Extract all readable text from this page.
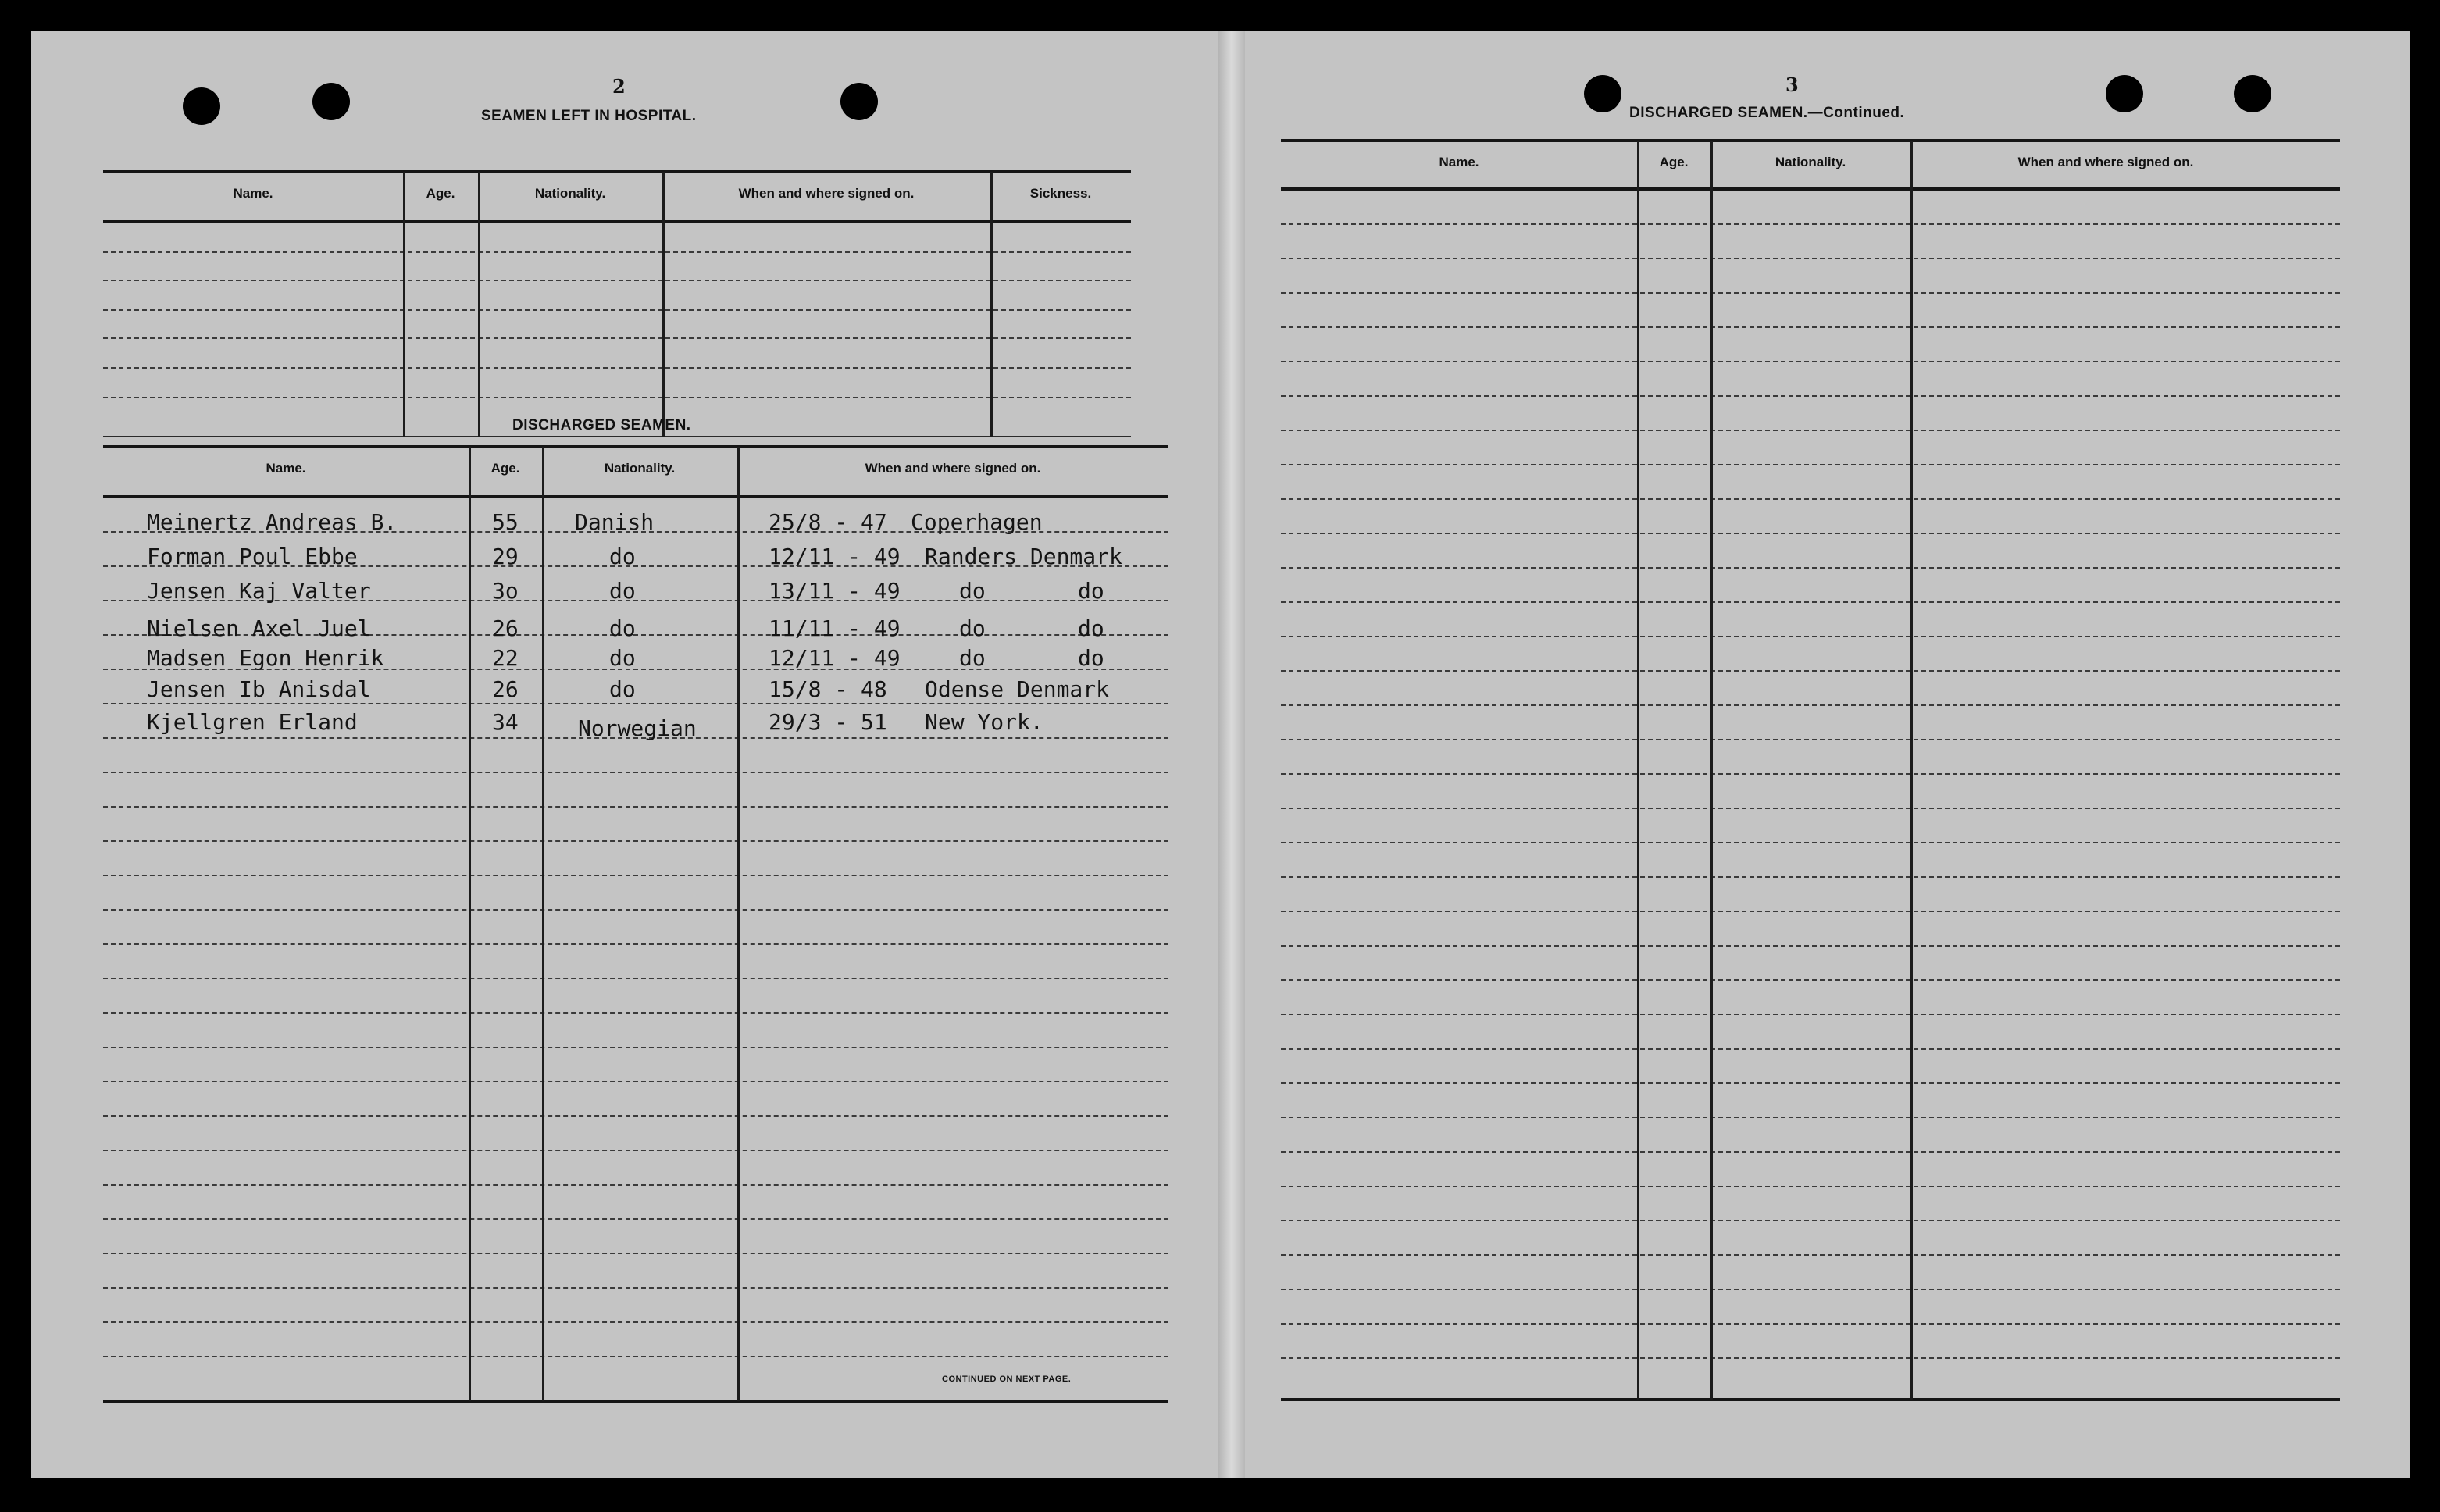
2
SEAMEN LEFT IN HOSPITAL.
Name.	Age.	Nationality.	When and where signed on.	Sickness.
DISCHARGED SEAMEN.
Name.	Age.	Nationality.	When and where signed on.
Meinertz Andreas B.	55	Danish	25/8 - 47 Coperhagen
Forman Poul Ebbe	29	do	12/11 - 49 Randers Denmark
Jensen Kaj Valter	3o	do	13/11 - 49	do	do
Nielsen Axel Juel	26	do	11/11 - 49	do	do
Madsen Egon Henrik	22	do	12/11 - 49	do	do
Jensen Ib Anisdal	26	do	15/8 - 48 Odense Denmark
Kjellgren Erland	34	Norwegian	29/3 - 51 New York.
CONTINUED ON NEXT PAGE.
3
DISCHARGED SEAMEN.—Continued.
Name.	Age.	Nationality.	When and where signed on.
